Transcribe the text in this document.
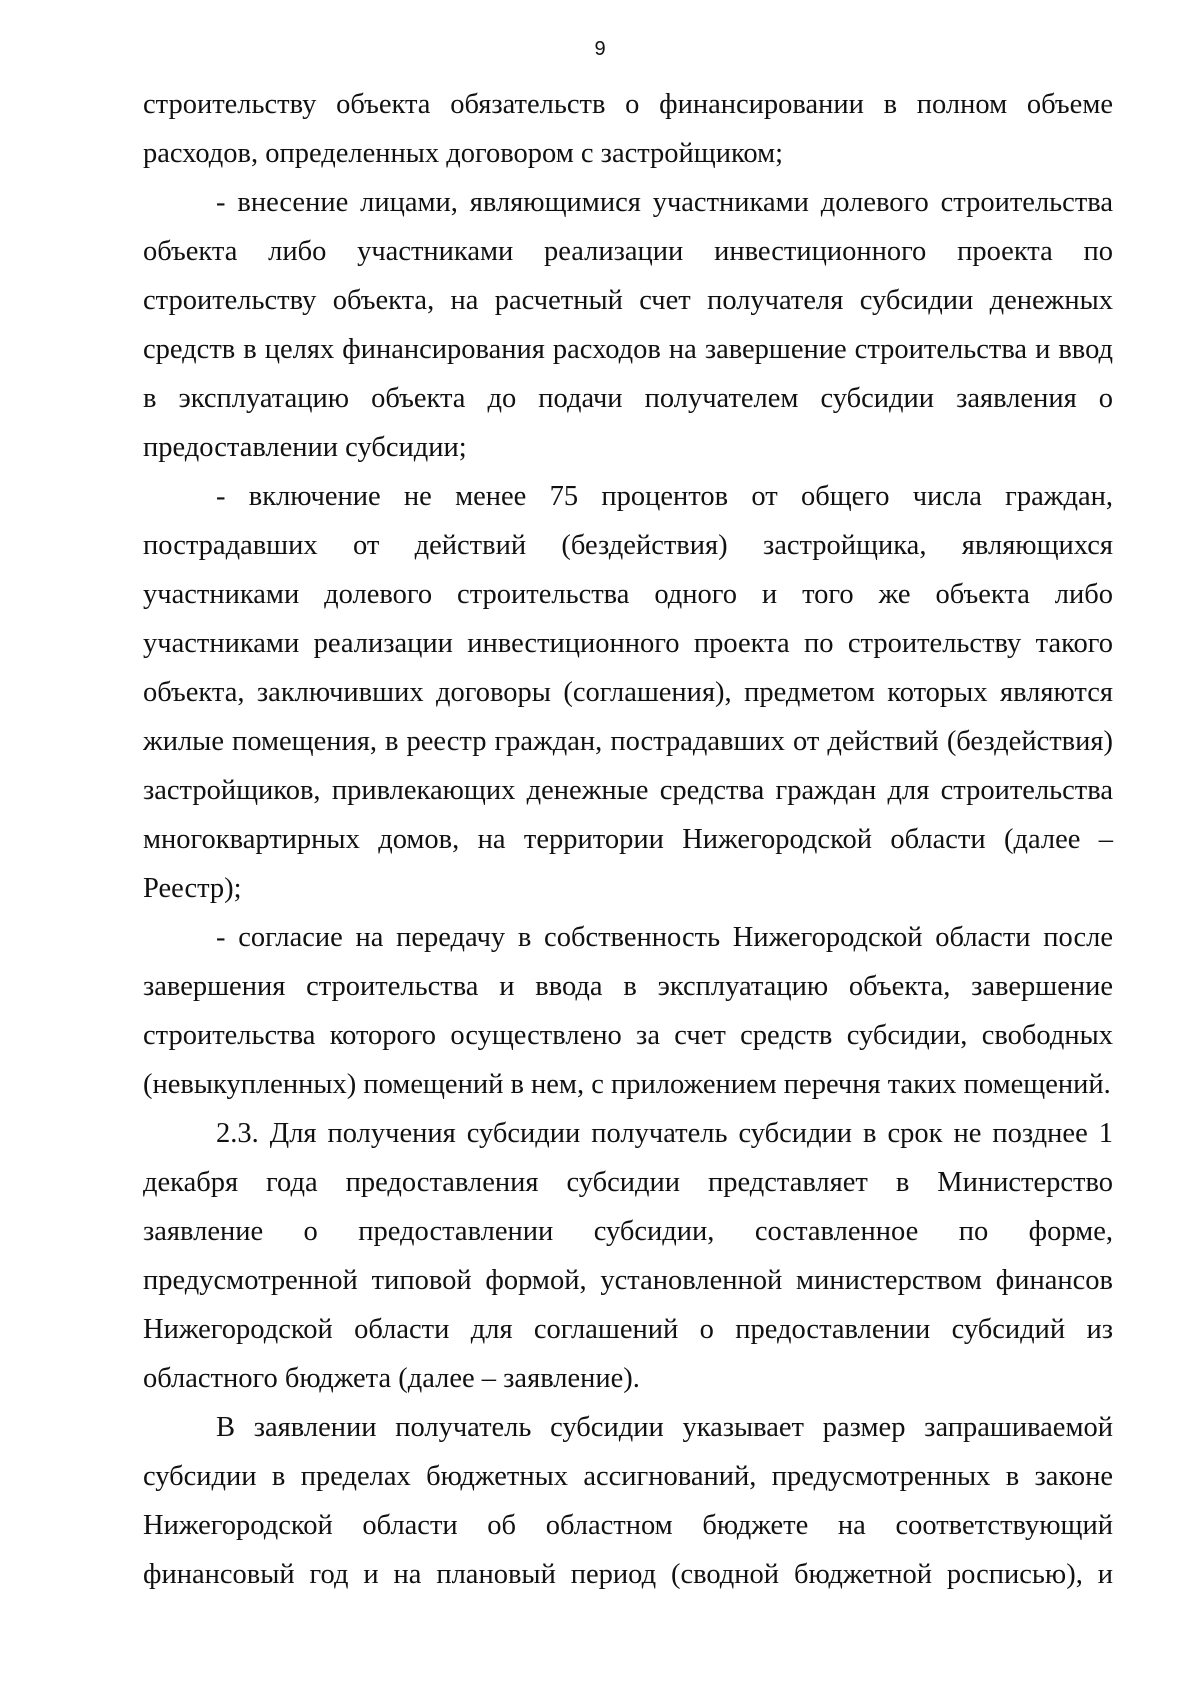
9

строительству объекта обязательств о финансировании в полном объеме расходов, определенных договором с застройщиком;

- внесение лицами, являющимися участниками долевого строительства объекта либо участниками реализации инвестиционного проекта по строительству объекта, на расчетный счет получателя субсидии денежных средств в целях финансирования расходов на завершение строительства и ввод в эксплуатацию объекта до подачи получателем субсидии заявления о предоставлении субсидии;

- включение не менее 75 процентов от общего числа граждан, пострадавших от действий (бездействия) застройщика, являющихся участниками долевого строительства одного и того же объекта либо участниками реализации инвестиционного проекта по строительству такого объекта, заключивших договоры (соглашения), предметом которых являются жилые помещения, в реестр граждан, пострадавших от действий (бездействия) застройщиков, привлекающих денежные средства граждан для строительства многоквартирных домов, на территории Нижегородской области (далее – Реестр);

- согласие на передачу в собственность Нижегородской области после завершения строительства и ввода в эксплуатацию объекта, завершение строительства которого осуществлено за счет средств субсидии, свободных (невыкупленных) помещений в нем, с приложением перечня таких помещений.

2.3. Для получения субсидии получатель субсидии в срок не позднее 1 декабря года предоставления субсидии представляет в Министерство заявление о предоставлении субсидии, составленное по форме, предусмотренной типовой формой, установленной министерством финансов Нижегородской области для соглашений о предоставлении субсидий из областного бюджета (далее – заявление).

В заявлении получатель субсидии указывает размер запрашиваемой субсидии в пределах бюджетных ассигнований, предусмотренных в законе Нижегородской области об областном бюджете на соответствующий финансовый год и на плановый период (сводной бюджетной росписью), и
